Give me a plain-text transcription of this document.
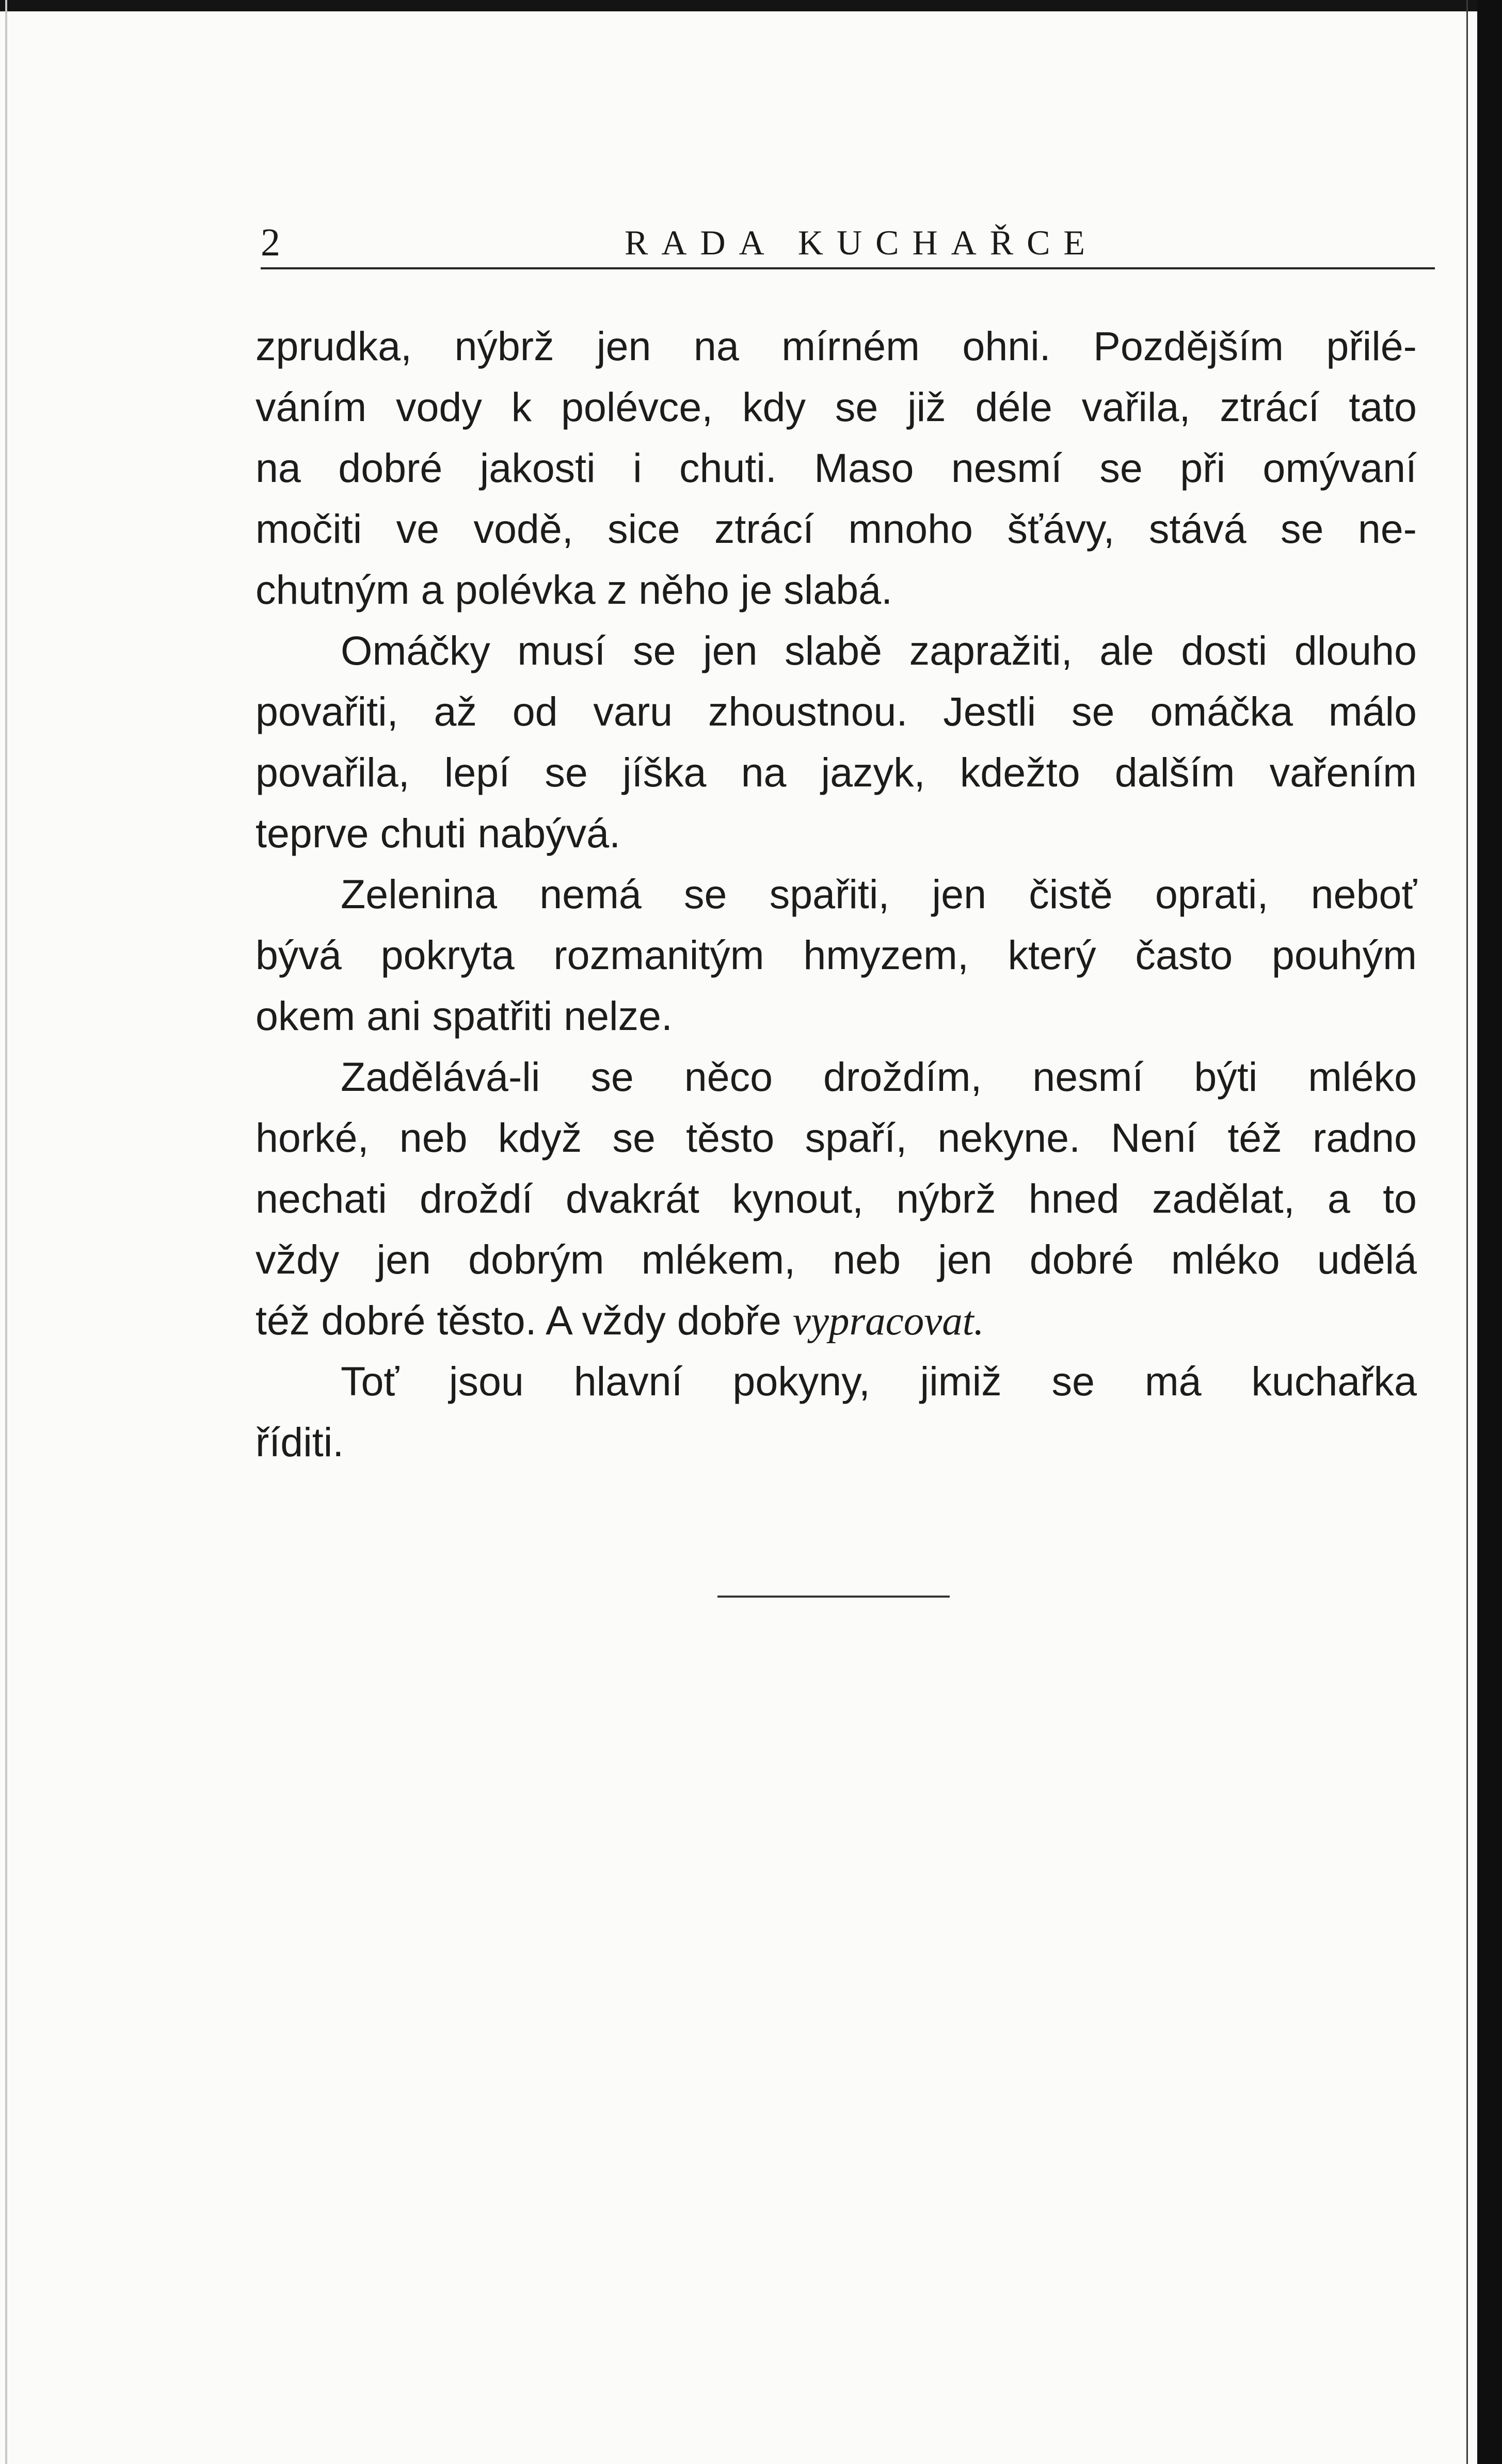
2	RADA KUCHAŘCE
zprudka, nýbrž jen na mírném ohni. Pozdějším přilé-
váním vody k polévce, kdy se již déle vařila, ztrácí tato
na dobré jakosti i chuti. Maso nesmí se při omývaní
močiti ve vodě, sice ztrácí mnoho šťávy, stává se ne-
chutným a polévka z něho je slabá.
Omáčky musí se jen slabě zapražiti, ale dosti dlouho
povařiti, až od varu zhoustnou. Jestli se omáčka málo
povařila, lepí se jíška na jazyk, kdežto dalším vařením
teprve chuti nabývá.
Zelenina nemá se spařiti, jen čistě oprati, neboť
bývá pokryta rozmanitým hmyzem, který často pouhým
okem ani spatřiti nelze.
Zadělává-li se něco droždím, nesmí býti mléko
horké, neb když se těsto spaří, nekyne. Není též radno
nechati droždí dvakrát kynout, nýbrž hned zadělat, a to
vždy jen dobrým mlékem, neb jen dobré mléko udělá
též dobré těsto. A vždy dobře vypracovat.
Toť jsou hlavní pokyny, jimiž se má kuchařka
říditi.
